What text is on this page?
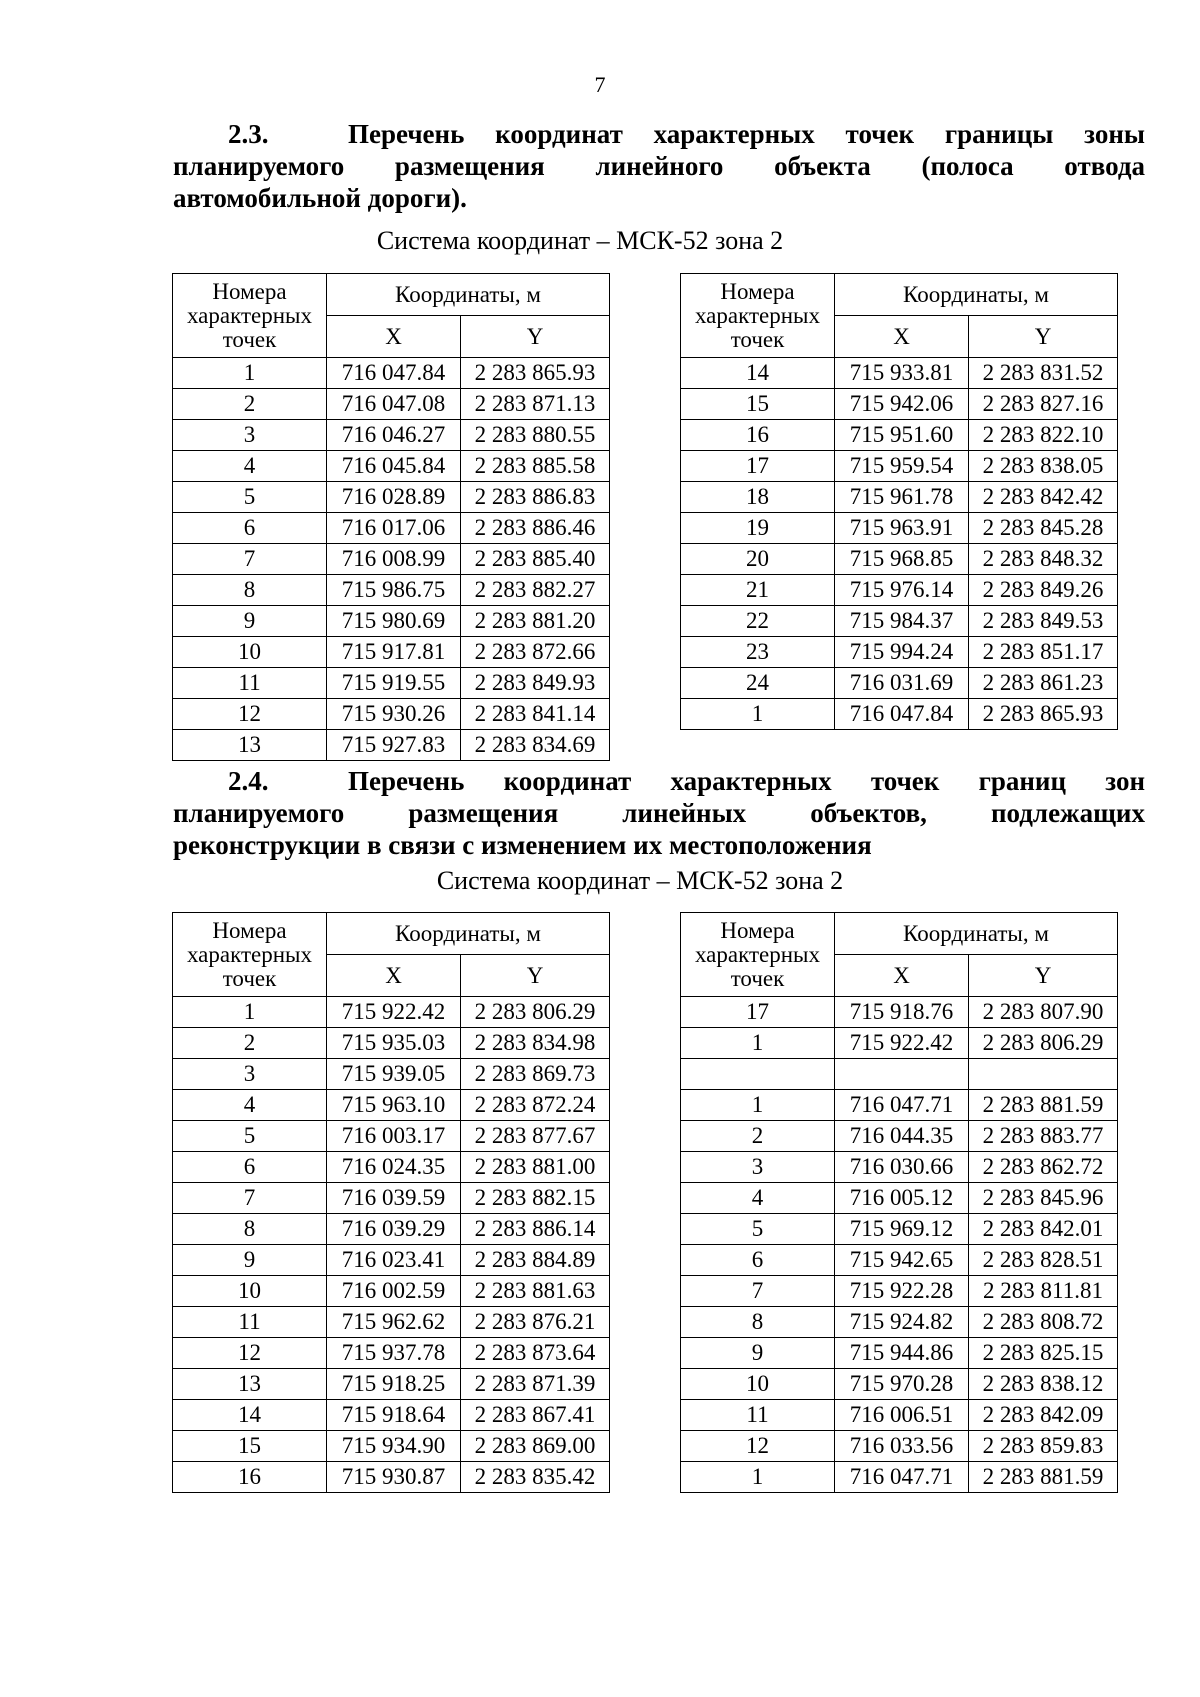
7
2.3.	Перечень координат характерных точек границы зоны
планируемого размещения линейного объекта (полоса отвода
автомобильной дороги).
Система координат – МСК-52 зона 2
Номера характерных точек	Координаты, м	
	X	Y
1	716 047.84	2 283 865.93
2	716 047.08	2 283 871.13
3	716 046.27	2 283 880.55
4	716 045.84	2 283 885.58
5	716 028.89	2 283 886.83
6	716 017.06	2 283 886.46
7	716 008.99	2 283 885.40
8	715 986.75	2 283 882.27
9	715 980.69	2 283 881.20
10	715 917.81	2 283 872.66
11	715 919.55	2 283 849.93
12	715 930.26	2 283 841.14
13	715 927.83	2 283 834.69
Номера характерных точек	Координаты, м	
	X	Y
14	715 933.81	2 283 831.52
15	715 942.06	2 283 827.16
16	715 951.60	2 283 822.10
17	715 959.54	2 283 838.05
18	715 961.78	2 283 842.42
19	715 963.91	2 283 845.28
20	715 968.85	2 283 848.32
21	715 976.14	2 283 849.26
22	715 984.37	2 283 849.53
23	715 994.24	2 283 851.17
24	716 031.69	2 283 861.23
1	716 047.84	2 283 865.93
2.4.	Перечень координат характерных точек границ зон
планируемого размещения линейных объектов, подлежащих
реконструкции в связи с изменением их местоположения
Система координат – МСК-52 зона 2
Номера характерных точек	Координаты, м	
	X	Y
1	715 922.42	2 283 806.29
2	715 935.03	2 283 834.98
3	715 939.05	2 283 869.73
4	715 963.10	2 283 872.24
5	716 003.17	2 283 877.67
6	716 024.35	2 283 881.00
7	716 039.59	2 283 882.15
8	716 039.29	2 283 886.14
9	716 023.41	2 283 884.89
10	716 002.59	2 283 881.63
11	715 962.62	2 283 876.21
12	715 937.78	2 283 873.64
13	715 918.25	2 283 871.39
14	715 918.64	2 283 867.41
15	715 934.90	2 283 869.00
16	715 930.87	2 283 835.42
Номера характерных точек	Координаты, м	
	X	Y
17	715 918.76	2 283 807.90
1	715 922.42	2 283 806.29

1	716 047.71	2 283 881.59
2	716 044.35	2 283 883.77
3	716 030.66	2 283 862.72
4	716 005.12	2 283 845.96
5	715 969.12	2 283 842.01
6	715 942.65	2 283 828.51
7	715 922.28	2 283 811.81
8	715 924.82	2 283 808.72
9	715 944.86	2 283 825.15
10	715 970.28	2 283 838.12
11	716 006.51	2 283 842.09
12	716 033.56	2 283 859.83
1	716 047.71	2 283 881.59
